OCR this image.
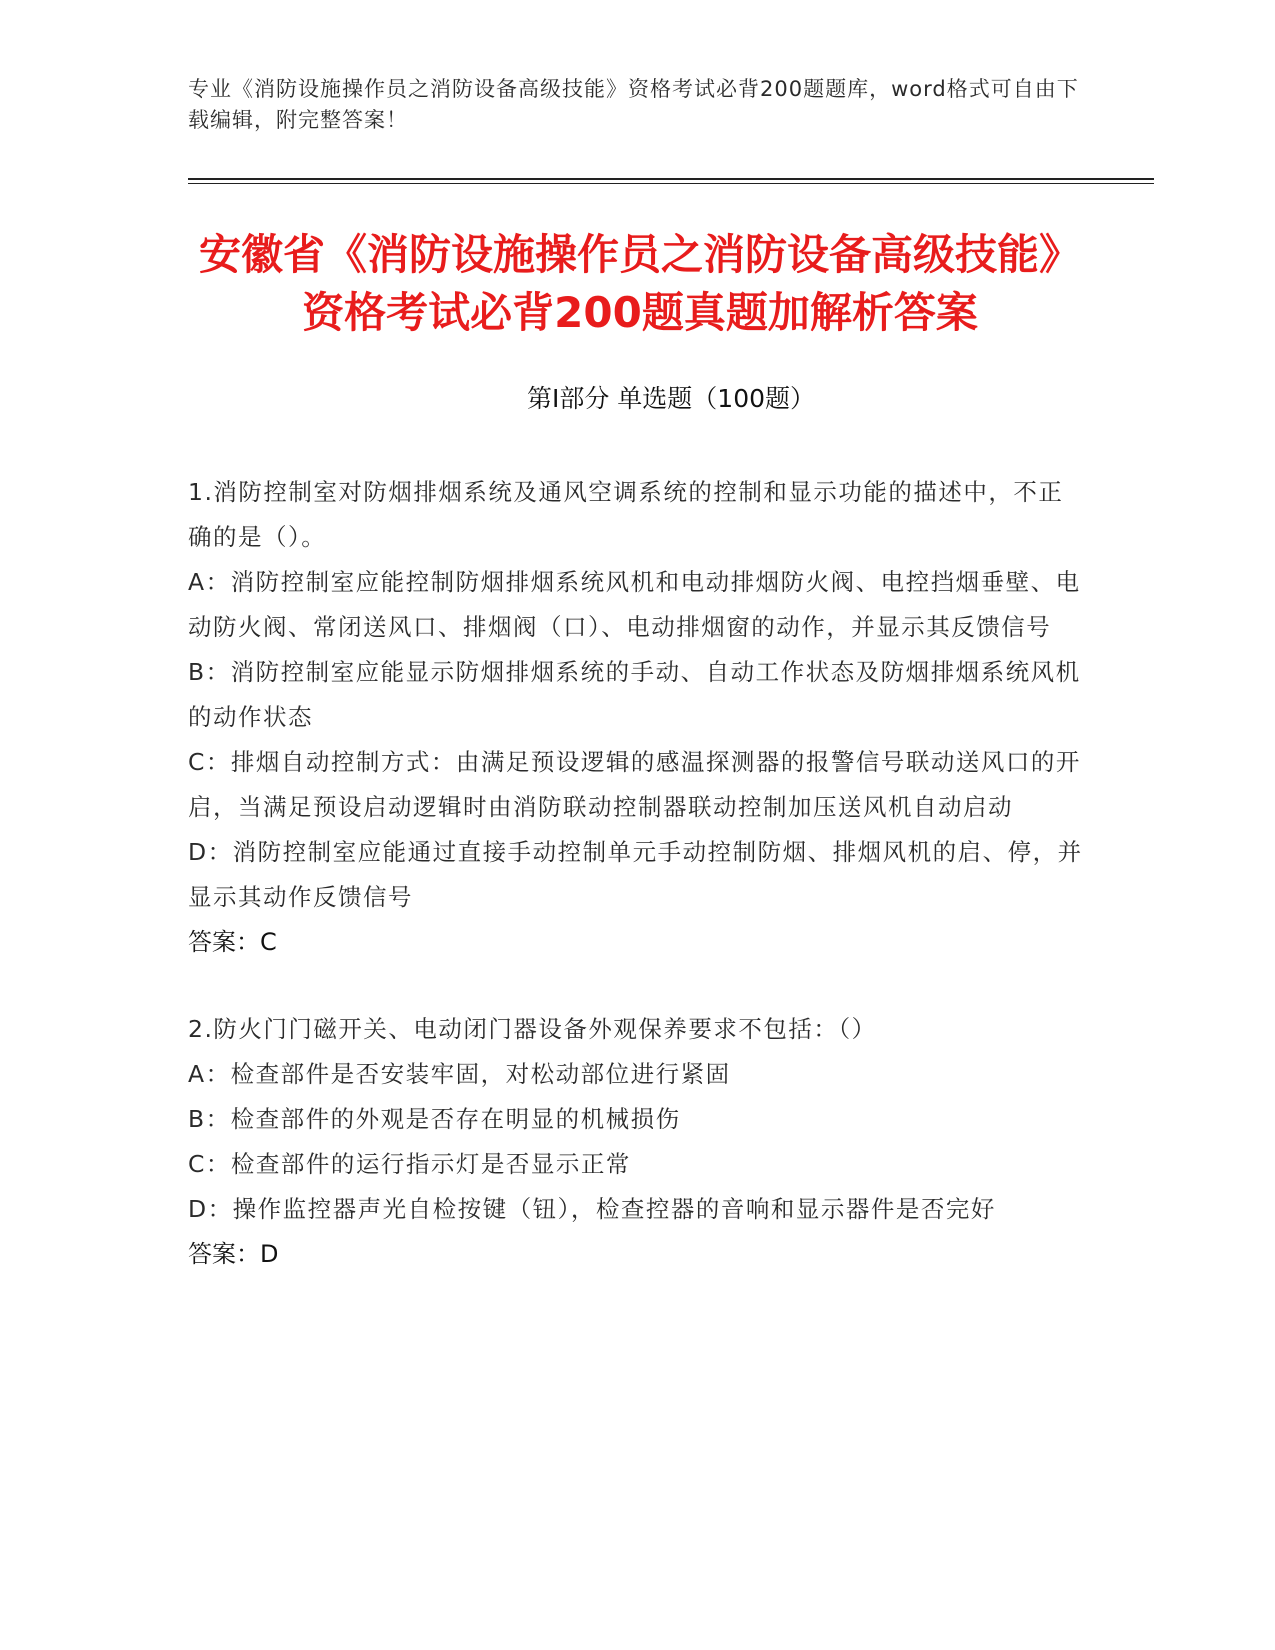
专业《消防设施操作员之消防设备高级技能》资格考试必背200题题库，word格式可自由下载编辑，附完整答案！
安徽省《消防设施操作员之消防设备高级技能》资格考试必背200题真题加解析答案
第Ⅰ部分 单选题（100题）

1.消防控制室对防烟排烟系统及通风空调系统的控制和显示功能的描述中，不正确的是（）。

A：消防控制室应能控制防烟排烟系统风机和电动排烟防火阀、电控挡烟垂壁、电动防火阀、常闭送风口、排烟阀（口）、电动排烟窗的动作，并显示其反馈信号

B：消防控制室应能显示防烟排烟系统的手动、自动工作状态及防烟排烟系统风机的动作状态

C：排烟自动控制方式：由满足预设逻辑的感温探测器的报警信号联动送风口的开启，当满足预设启动逻辑时由消防联动控制器联动控制加压送风机自动启动

D：消防控制室应能通过直接手动控制单元手动控制防烟、排烟风机的启、停，并显示其动作反馈信号

答案：C

2.防火门门磁开关、电动闭门器设备外观保养要求不包括：（）

A：检查部件是否安装牢固，对松动部位进行紧固

B：检查部件的外观是否存在明显的机械损伤

C：检查部件的运行指示灯是否显示正常

D：操作监控器声光自检按键（钮），检查控器的音响和显示器件是否完好

答案：D
